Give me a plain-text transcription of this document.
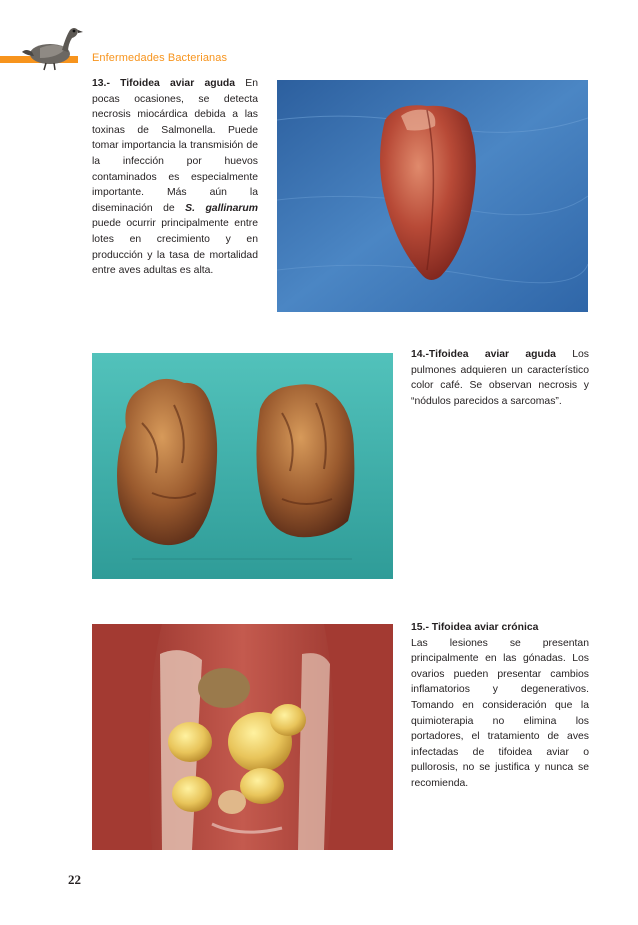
Enfermedades Bacterianas
13.- Tifoidea aviar aguda En pocas ocasiones, se detecta necrosis miocárdica debida a las toxinas de Salmonella. Puede tomar importancia la transmisión de la infección por huevos contaminados es especialmente importante. Más aún la diseminación de S. gallinarum puede ocurrir principalmente entre lotes en crecimiento y en producción y la tasa de mortalidad entre aves adultas es alta.
14.-Tifoidea aviar aguda Los pulmones adquieren un característico color café. Se observan necrosis y “nódulos parecidos a sarcomas”.
15.- Tifoidea aviar crónica
Las lesiones se presentan principalmente en las gónadas. Los ovarios pueden presentar cambios inflamatorios y degenerativos. Tomando en consideración que la quimioterapia no elimina los portadores, el tratamiento de aves infectadas de tifoidea aviar o pullorosis, no se justifica y nunca se recomienda.
22
